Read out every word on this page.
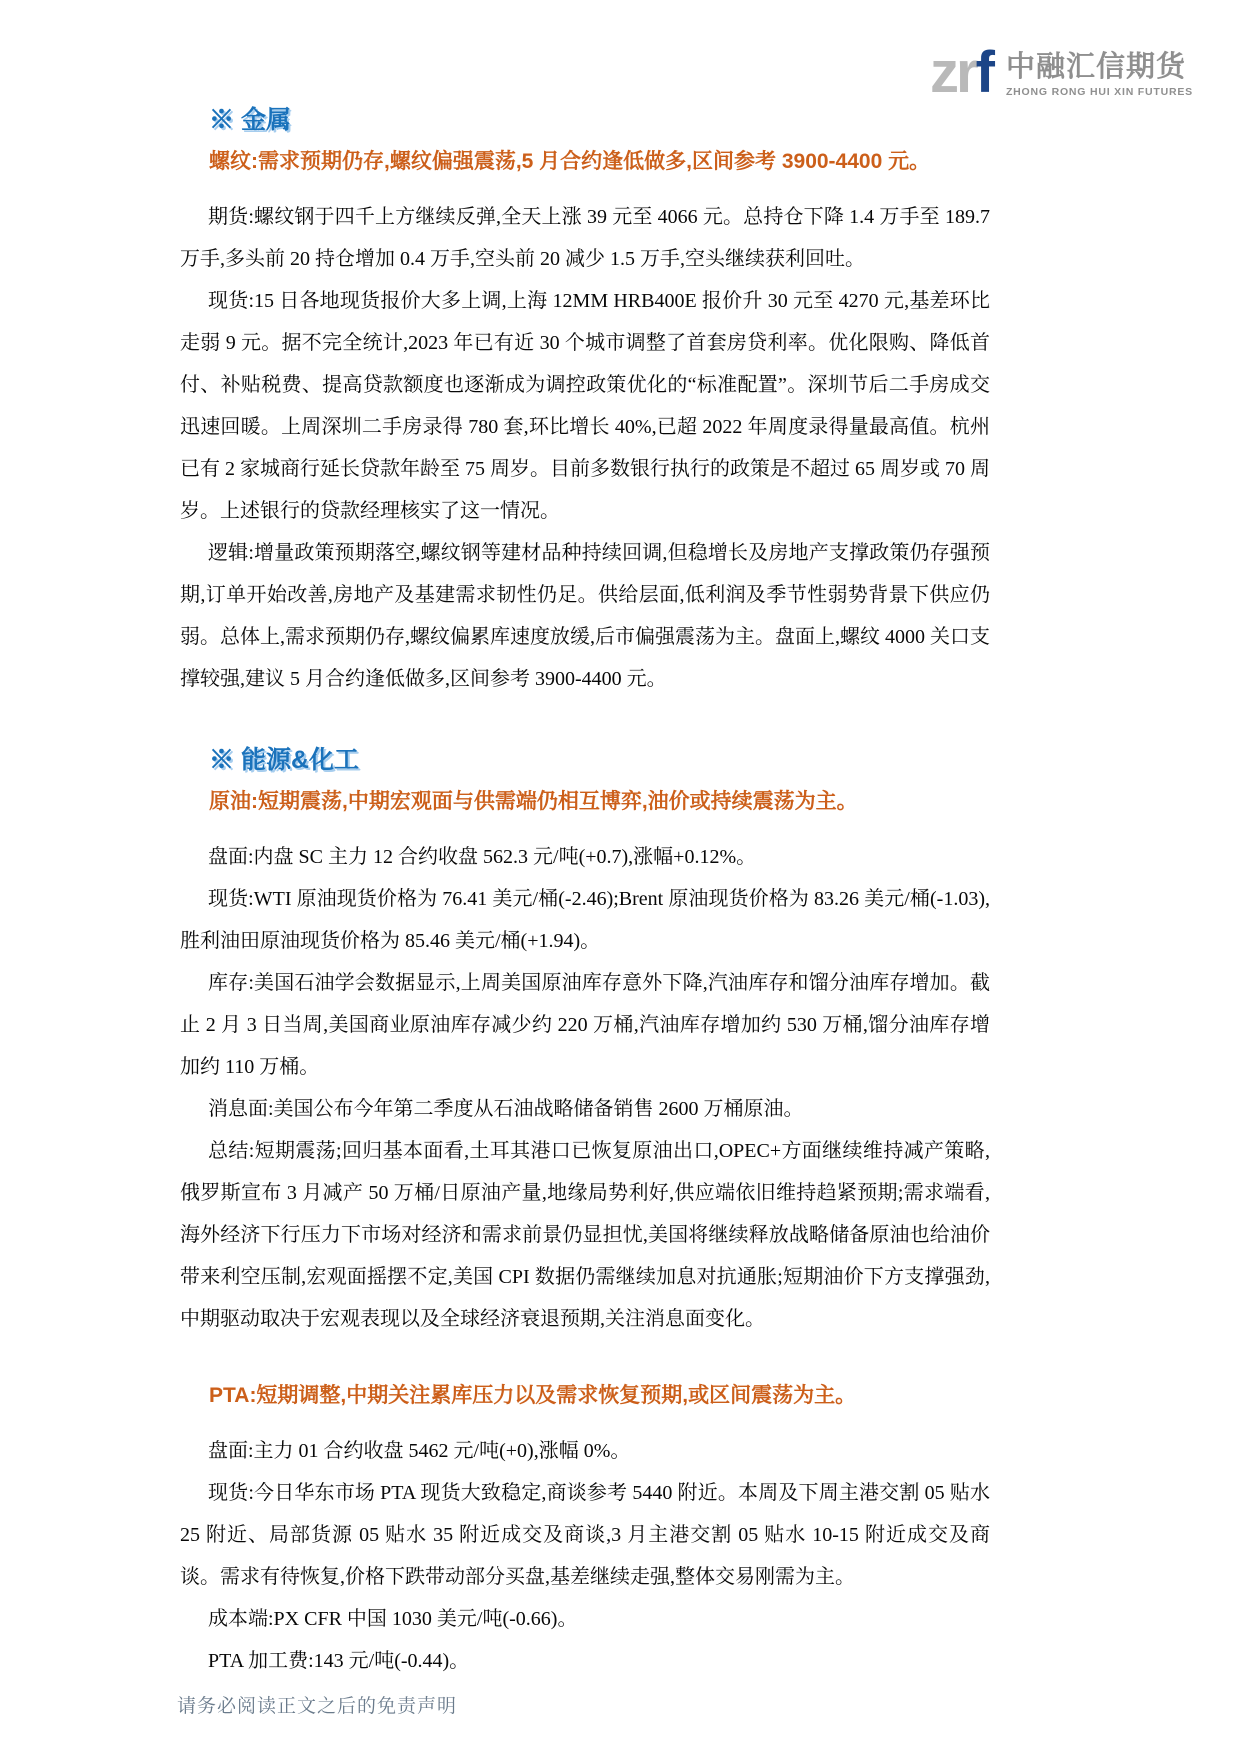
zrf 中融汇信期货
ZHONG RONG HUI XIN FUTURES
※ 金属
螺纹:需求预期仍存,螺纹偏强震荡,5 月合约逢低做多,区间参考 3900-4400 元。

期货:螺纹钢于四千上方继续反弹,全天上涨 39 元至 4066 元。总持仓下降 1.4 万手至 189.7 万手,多头前 20 持仓增加 0.4 万手,空头前 20 减少 1.5 万手,空头继续获利回吐。

现货:15 日各地现货报价大多上调,上海 12MM HRB400E 报价升 30 元至 4270 元,基差环比走弱 9 元。据不完全统计,2023 年已有近 30 个城市调整了首套房贷利率。优化限购、降低首付、补贴税费、提高贷款额度也逐渐成为调控政策优化的“标准配置”。深圳节后二手房成交迅速回暖。上周深圳二手房录得 780 套,环比增长 40%,已超 2022 年周度录得量最高值。杭州已有 2 家城商行延长贷款年龄至 75 周岁。目前多数银行执行的政策是不超过 65 周岁或 70 周岁。上述银行的贷款经理核实了这一情况。

逻辑:增量政策预期落空,螺纹钢等建材品种持续回调,但稳增长及房地产支撑政策仍存强预期,订单开始改善,房地产及基建需求韧性仍足。供给层面,低利润及季节性弱势背景下供应仍弱。总体上,需求预期仍存,螺纹偏累库速度放缓,后市偏强震荡为主。盘面上,螺纹 4000 关口支撑较强,建议 5 月合约逢低做多,区间参考 3900-4400 元。

※ 能源&化工
原油:短期震荡,中期宏观面与供需端仍相互博弈,油价或持续震荡为主。

盘面:内盘 SC 主力 12 合约收盘 562.3 元/吨(+0.7),涨幅+0.12%。

现货:WTI 原油现货价格为 76.41 美元/桶(-2.46);Brent 原油现货价格为 83.26 美元/桶(-1.03),胜利油田原油现货价格为 85.46 美元/桶(+1.94)。

库存:美国石油学会数据显示,上周美国原油库存意外下降,汽油库存和馏分油库存增加。截止 2 月 3 日当周,美国商业原油库存减少约 220 万桶,汽油库存增加约 530 万桶,馏分油库存增加约 110 万桶。

消息面:美国公布今年第二季度从石油战略储备销售 2600 万桶原油。

总结:短期震荡;回归基本面看,土耳其港口已恢复原油出口,OPEC+方面继续维持减产策略,俄罗斯宣布 3 月减产 50 万桶/日原油产量,地缘局势利好,供应端依旧维持趋紧预期;需求端看,海外经济下行压力下市场对经济和需求前景仍显担忧,美国将继续释放战略储备原油也给油价带来利空压制,宏观面摇摆不定,美国 CPI 数据仍需继续加息对抗通胀;短期油价下方支撑强劲,中期驱动取决于宏观表现以及全球经济衰退预期,关注消息面变化。

PTA:短期调整,中期关注累库压力以及需求恢复预期,或区间震荡为主。

盘面:主力 01 合约收盘 5462 元/吨(+0),涨幅 0%。

现货:今日华东市场 PTA 现货大致稳定,商谈参考 5440 附近。本周及下周主港交割 05 贴水 25 附近、局部货源 05 贴水 35 附近成交及商谈,3 月主港交割 05 贴水 10-15 附近成交及商谈。需求有待恢复,价格下跌带动部分买盘,基差继续走强,整体交易刚需为主。

成本端:PX CFR 中国 1030 美元/吨(-0.66)。

PTA 加工费:143 元/吨(-0.44)。

请务必阅读正文之后的免责声明
